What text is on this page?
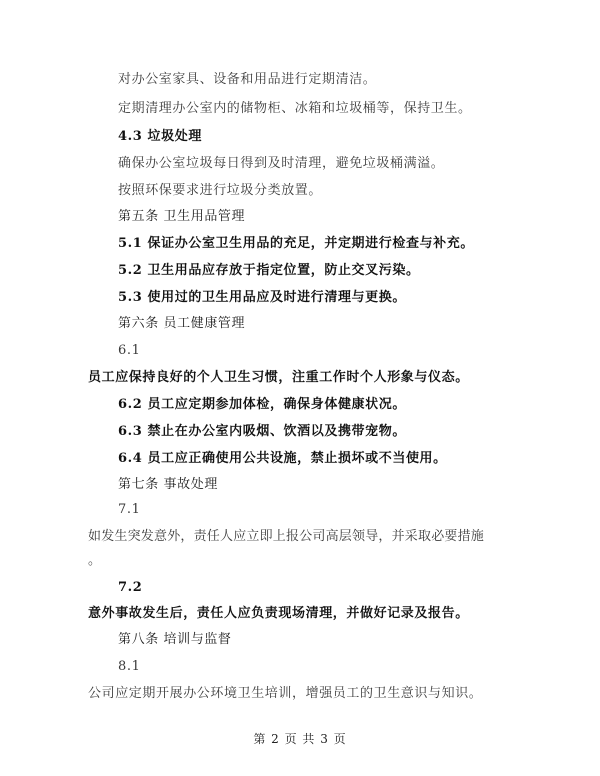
对办公室家具、设备和用品进行定期清洁。
定期清理办公室内的储物柜、冰箱和垃圾桶等，保持卫生。
4.3 垃圾处理
确保办公室垃圾每日得到及时清理，避免垃圾桶满溢。
按照环保要求进行垃圾分类放置。
第五条 卫生用品管理
5.1 保证办公室卫生用品的充足，并定期进行检查与补充。
5.2 卫生用品应存放于指定位置，防止交叉污染。
5.3 使用过的卫生用品应及时进行清理与更换。
第六条 员工健康管理
6.1
员工应保持良好的个人卫生习惯，注重工作时个人形象与仪态。
6.2 员工应定期参加体检，确保身体健康状况。
6.3 禁止在办公室内吸烟、饮酒以及携带宠物。
6.4 员工应正确使用公共设施，禁止损坏或不当使用。
第七条 事故处理
7.1
如发生突发意外，责任人应立即上报公司高层领导，并采取必要措施
。
7.2
意外事故发生后，责任人应负责现场清理，并做好记录及报告。
第八条 培训与监督
8.1
公司应定期开展办公环境卫生培训，增强员工的卫生意识与知识。
第 2 页 共 3 页
